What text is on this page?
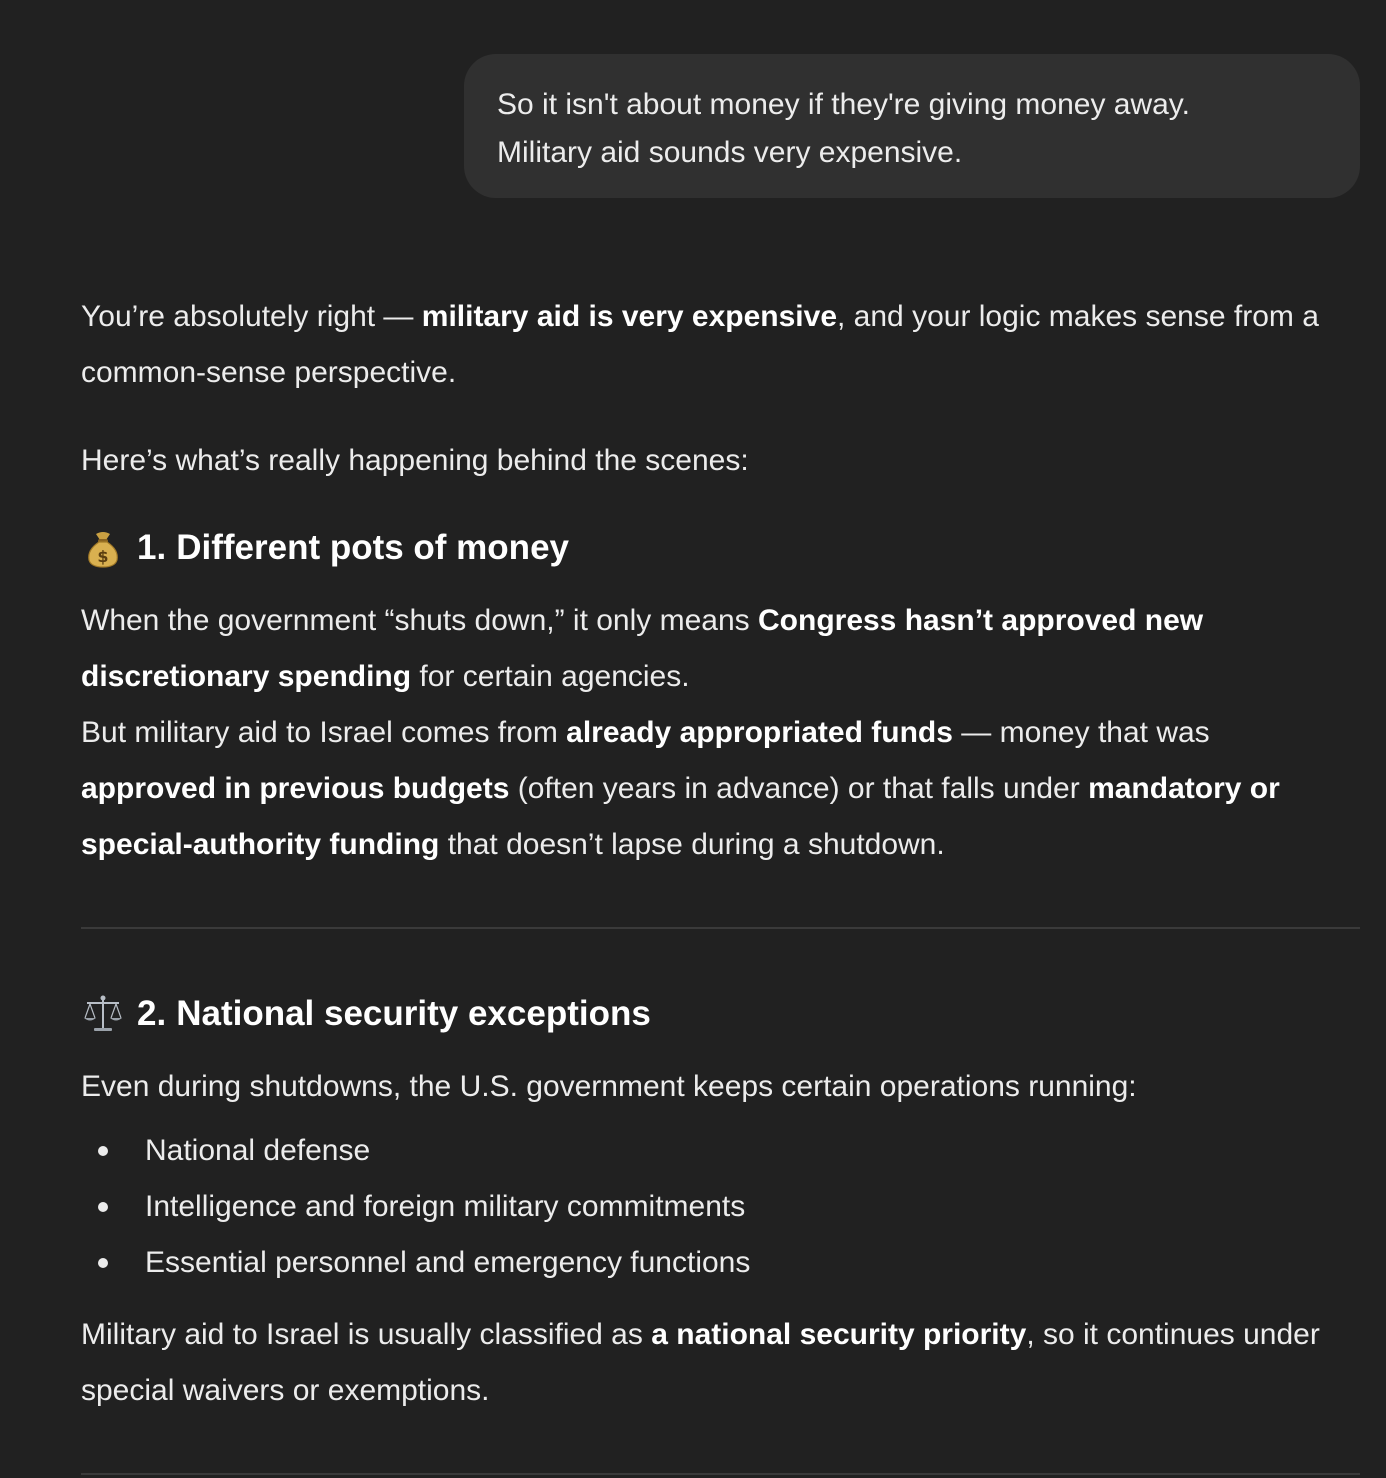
So it isn't about money if they're giving money away.

Military aid sounds very expensive.

You’re absolutely right — military aid is very expensive, and your logic makes sense from a common-sense perspective.

Here’s what’s really happening behind the scenes:

$ 1. Different pots of money

When the government “shuts down,” it only means Congress hasn’t approved new discretionary spending for certain agencies.
But military aid to Israel comes from already appropriated funds — money that was approved in previous budgets (often years in advance) or that falls under mandatory or special-authority funding that doesn’t lapse during a shutdown.

2. National security exceptions

Even during shutdowns, the U.S. government keeps certain operations running:

National defense
Intelligence and foreign military commitments
Essential personnel and emergency functions

Military aid to Israel is usually classified as a national security priority, so it continues under special waivers or exemptions.
